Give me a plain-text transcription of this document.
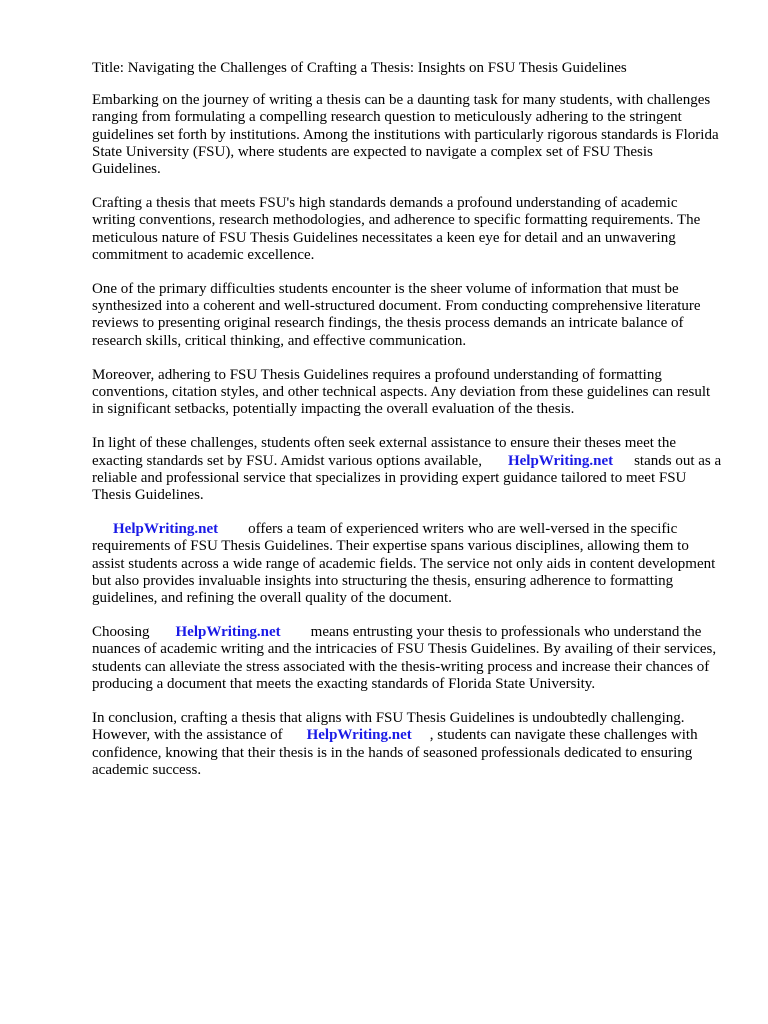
Title: Navigating the Challenges of Crafting a Thesis: Insights on FSU Thesis Guidelines

Embarking on the journey of writing a thesis can be a daunting task for many students, with challenges ranging from formulating a compelling research question to meticulously adhering to the stringent guidelines set forth by institutions. Among the institutions with particularly rigorous standards is Florida State University (FSU), where students are expected to navigate a complex set of FSU Thesis Guidelines.

Crafting a thesis that meets FSU's high standards demands a profound understanding of academic writing conventions, research methodologies, and adherence to specific formatting requirements. The meticulous nature of FSU Thesis Guidelines necessitates a keen eye for detail and an unwavering commitment to academic excellence.

One of the primary difficulties students encounter is the sheer volume of information that must be synthesized into a coherent and well-structured document. From conducting comprehensive literature reviews to presenting original research findings, the thesis process demands an intricate balance of research skills, critical thinking, and effective communication.

Moreover, adhering to FSU Thesis Guidelines requires a profound understanding of formatting conventions, citation styles, and other technical aspects. Any deviation from these guidelines can result in significant setbacks, potentially impacting the overall evaluation of the thesis.

In light of these challenges, students often seek external assistance to ensure their theses meet the exacting standards set by FSU. Amidst various options available, HelpWriting.net stands out as a reliable and professional service that specializes in providing expert guidance tailored to meet FSU Thesis Guidelines.

HelpWriting.net offers a team of experienced writers who are well-versed in the specific requirements of FSU Thesis Guidelines. Their expertise spans various disciplines, allowing them to assist students across a wide range of academic fields. The service not only aids in content development but also provides invaluable insights into structuring the thesis, ensuring adherence to formatting guidelines, and refining the overall quality of the document.

Choosing HelpWriting.net means entrusting your thesis to professionals who understand the nuances of academic writing and the intricacies of FSU Thesis Guidelines. By availing of their services, students can alleviate the stress associated with the thesis-writing process and increase their chances of producing a document that meets the exacting standards of Florida State University.

In conclusion, crafting a thesis that aligns with FSU Thesis Guidelines is undoubtedly challenging. However, with the assistance of HelpWriting.net , students can navigate these challenges with confidence, knowing that their thesis is in the hands of seasoned professionals dedicated to ensuring academic success.
